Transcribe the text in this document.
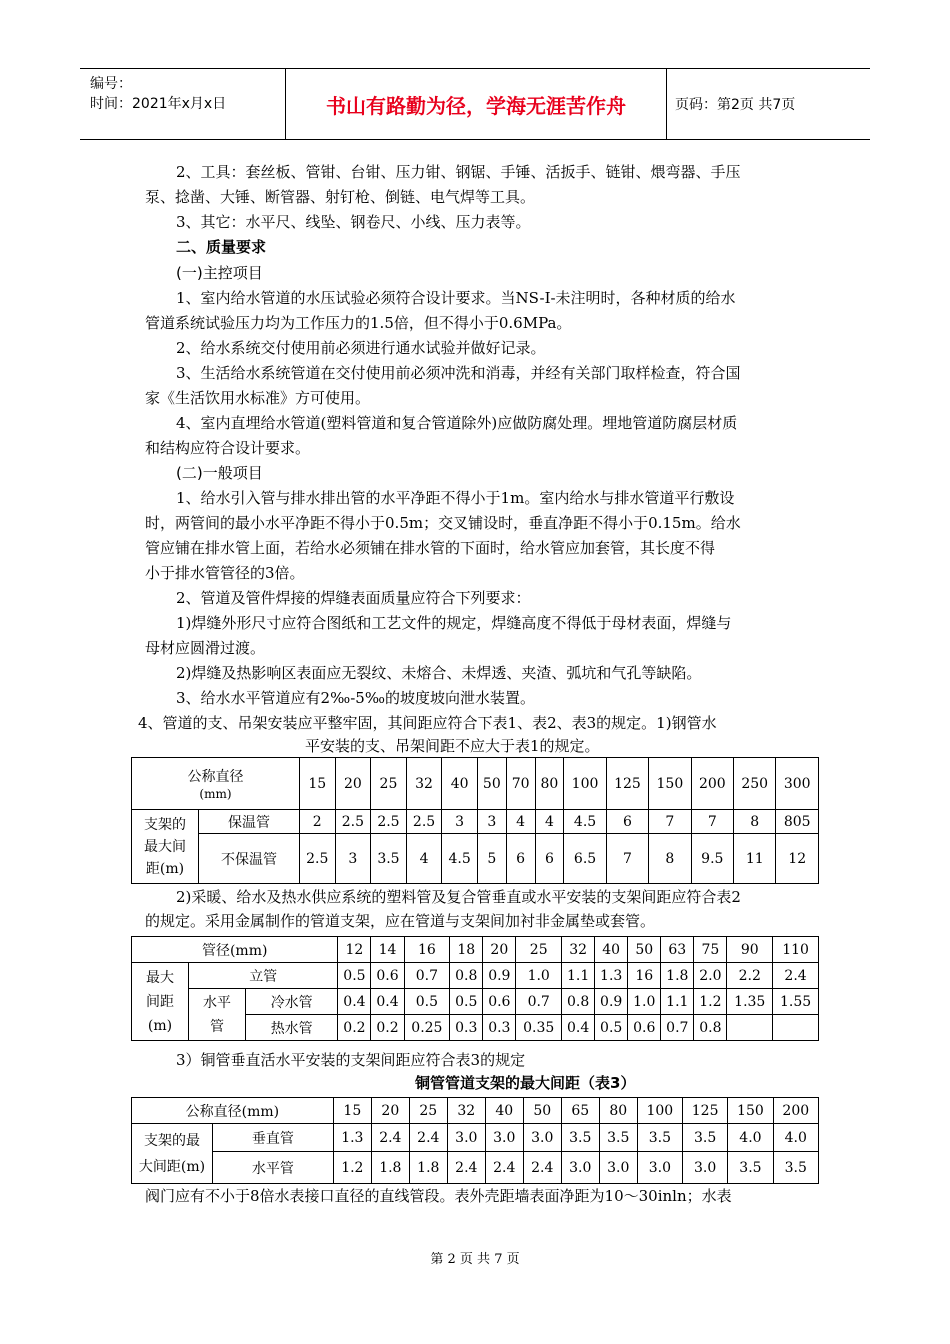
编号：
时间：2021年x月x日	书山有路勤为径，学海无涯苦作舟	页码：第2页 共7页
2、工具：套丝板、管钳、台钳、压力钳、钢锯、手锤、活扳手、链钳、煨弯器、手压
泵、捻凿、大锤、断管器、射钉枪、倒链、电气焊等工具。
3、其它：水平尺、线坠、钢卷尺、小线、压力表等。
二、质量要求
(一)主控项目
1、室内给水管道的水压试验必须符合设计要求。当NS-I-未注明时，各种材质的给水
管道系统试验压力均为工作压力的1.5倍，但不得小于0.6MPa。
2、给水系统交付使用前必须进行通水试验并做好记录。
3、生活给水系统管道在交付使用前必须冲洗和消毒，并经有关部门取样检查，符合国
家《生活饮用水标准》方可使用。
4、室内直埋给水管道(塑料管道和复合管道除外)应做防腐处理。埋地管道防腐层材质
和结构应符合设计要求。
(二)一般项目
1、给水引入管与排水排出管的水平净距不得小于1m。室内给水与排水管道平行敷设
时，两管间的最小水平净距不得小于0.5m；交叉铺设时，垂直净距不得小于0.15m。给水
管应铺在排水管上面，若给水必须铺在排水管的下面时，给水管应加套管，其长度不得
小于排水管管径的3倍。
2、管道及管件焊接的焊缝表面质量应符合下列要求：
1)焊缝外形尺寸应符合图纸和工艺文件的规定，焊缝高度不得低于母材表面，焊缝与
母材应圆滑过渡。
2)焊缝及热影响区表面应无裂纹、未熔合、未焊透、夹渣、弧坑和气孔等缺陷。
3、给水水平管道应有2‰-5‰的坡度坡向泄水装置。
4、管道的支、吊架安装应平整牢固，其间距应符合下表1、表2、表3的规定。1)钢管水
平安装的支、吊架间距不应大于表1的规定。
公称直径
(mm)		15	20	25	32	40	50	70	80	100	125	150	200	250	300
支架的
最大间
距(m)	保温管	2	2.5	2.5	2.5	3	3	4	4	4.5	6	7	7	8	805
	不保温管	2.5	3	3.5	4	4.5	5	6	6	6.5	7	8	9.5	11	12
2)采暖、给水及热水供应系统的塑料管及复合管垂直或水平安装的支架间距应符合表2
的规定。采用金属制作的管道支架，应在管道与支架间加衬非金属垫或套管。
管径(mm)			12	14	16	18	20	25	32	40	50	63	75	90	110
最大
间距
(m)	立管		0.5	0.6	0.7	0.8	0.9	1.0	1.1	1.3	16	1.8	2.0	2.2	2.4
	水平
管	冷水管	0.4	0.4	0.5	0.5	0.6	0.7	0.8	0.9	1.0	1.1	1.2	1.35	1.55
		热水管	0.2	0.2	0.25	0.3	0.3	0.35	0.4	0.5	0.6	0.7	0.8		
3）铜管垂直活水平安装的支架间距应符合表3的规定
铜管管道支架的最大间距（表3）
公称直径(mm)		15	20	25	32	40	50	65	80	100	125	150	200
支架的最
大间距(m)	垂直管	1.3	2.4	2.4	3.0	3.0	3.0	3.5	3.5	3.5	3.5	4.0	4.0
	水平管	1.2	1.8	1.8	2.4	2.4	2.4	3.0	3.0	3.0	3.0	3.5	3.5
阀门应有不小于8倍水表接口直径的直线管段。表外壳距墙表面净距为10～30inln；水表
第 2 页 共 7 页
